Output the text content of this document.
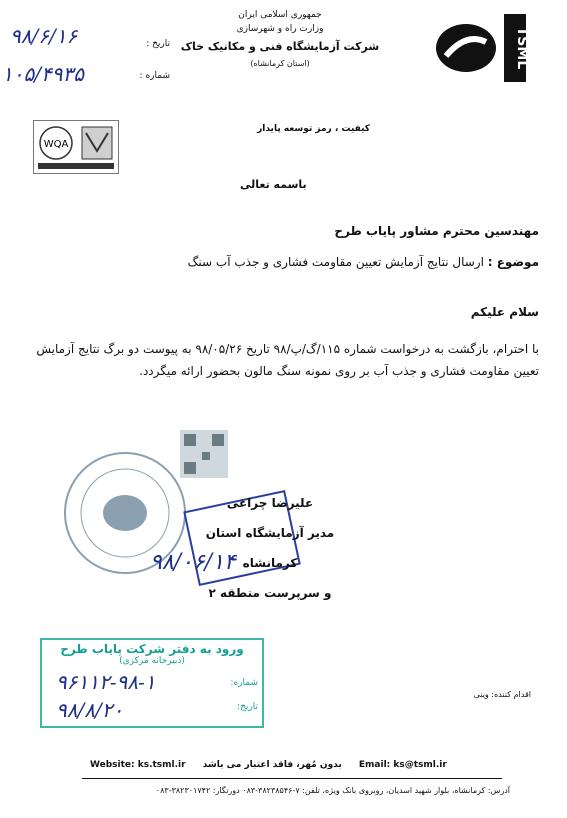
TSML
جمهوری اسلامی ایران
وزارت راه و شهرسازی
شرکت آزمایشگاه فنی و مکانیک خاک
(استان کرمانشاه)
تاریخ :
شماره :
۹۸/۶/۱۶
۱۰۵/۴۹۳۵
کیفیت ، رمز توسعه پایدار
WQA
باسمه تعالی
مهندسین محترم مشاور پایاب طرح
موضوع : ارسال نتایج آزمایش تعیین مقاومت فشاری و جذب آب سنگ
سلام علیکم
با احترام، بازگشت به درخواست شماره ۱۱۵/گ/پ/۹۸ تاریخ ۹۸/۰۵/۲۶ به پیوست دو برگ نتایج آزمایش تعیین مقاومت فشاری و جذب آب بر روی نمونه سنگ مالون بحضور ارائه میگردد.
علیرضا چراغی
مدیر آزمایشگاه استان کرمانشاه
و سرپرست منطقه ۲
۹۸/۰۶/۱۴
ورود به دفتر شرکت پایاب طرح
(دبیرخانه مرکزی)
شماره:
۹۶۱۱۲-۹۸-۱
تاریخ:
۹۸/۸/۲۰
اقدام کننده: وینی
Website: ks.tsml.ir بدون مُهر، فاقد اعتبار می باشد Email: ks@tsml.ir
آدرس: کرمانشاه، بلوار شهید اسدیان، روبروی بانک ویژه، تلفن: ۷-۳۸۲۳۸۵۴۶-۰۸۳ دورنگار: ۳۸۲۳۰۱۷۴۲-۰۸۳
